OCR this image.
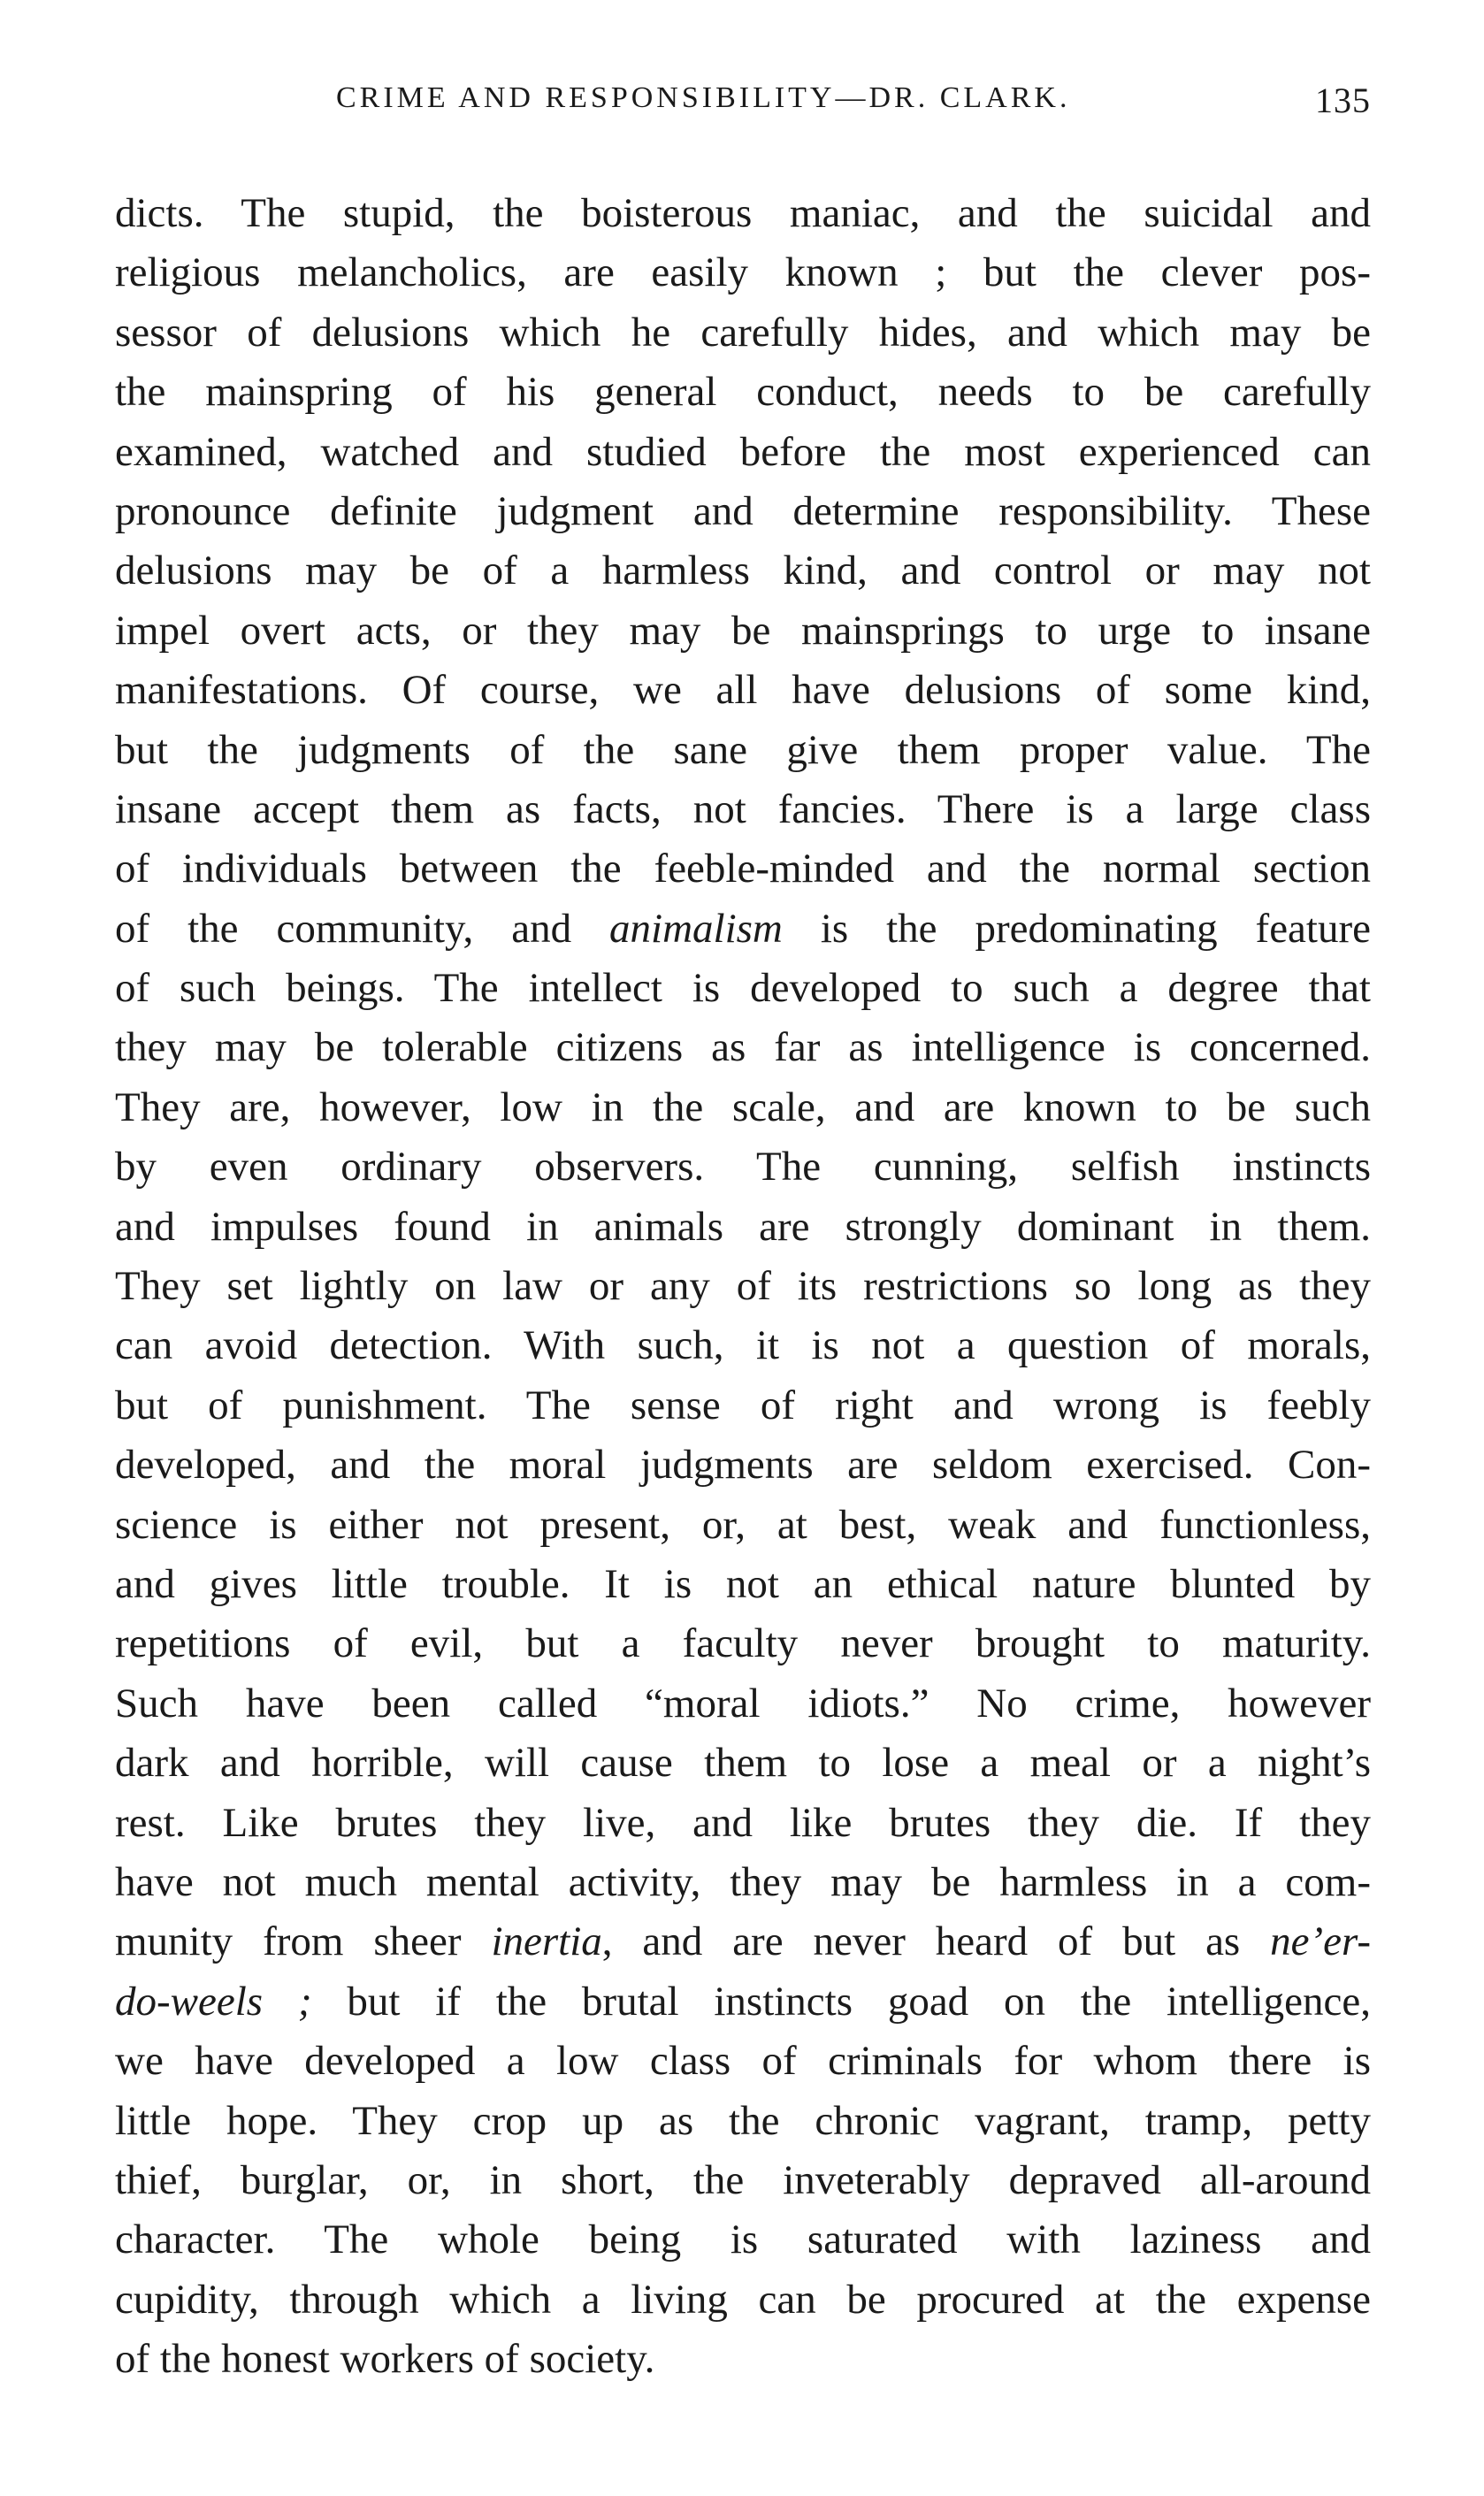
CRIME AND RESPONSIBILITY—DR. CLARK.	135
dicts. The stupid, the boisterous maniac, and the suicidal and
religious melancholics, are easily known ; but the clever pos-
sessor of delusions which he carefully hides, and which may be
the mainspring of his general conduct, needs to be carefully
examined, watched and studied before the most experienced can
pronounce definite judgment and determine responsibility. These
delusions may be of a harmless kind, and control or may not
impel overt acts, or they may be mainsprings to urge to insane
manifestations. Of course, we all have delusions of some kind,
but the judgments of the sane give them proper value. The
insane accept them as facts, not fancies. There is a large class
of individuals between the feeble-minded and the normal section
of the community, and animalism is the predominating feature
of such beings. The intellect is developed to such a degree that
they may be tolerable citizens as far as intelligence is concerned.
They are, however, low in the scale, and are known to be such
by even ordinary observers. The cunning, selfish instincts
and impulses found in animals are strongly dominant in them.
They set lightly on law or any of its restrictions so long as they
can avoid detection. With such, it is not a question of morals,
but of punishment. The sense of right and wrong is feebly
developed, and the moral judgments are seldom exercised. Con-
science is either not present, or, at best, weak and functionless,
and gives little trouble. It is not an ethical nature blunted by
repetitions of evil, but a faculty never brought to maturity.
Such have been called “moral idiots.” No crime, however
dark and horrible, will cause them to lose a meal or a night’s
rest. Like brutes they live, and like brutes they die. If they
have not much mental activity, they may be harmless in a com-
munity from sheer inertia, and are never heard of but as ne’er-
do-weels ; but if the brutal instincts goad on the intelligence,
we have developed a low class of criminals for whom there is
little hope. They crop up as the chronic vagrant, tramp, petty
thief, burglar, or, in short, the inveterably depraved all-around
character. The whole being is saturated with laziness and
cupidity, through which a living can be procured at the expense
of the honest workers of society.
